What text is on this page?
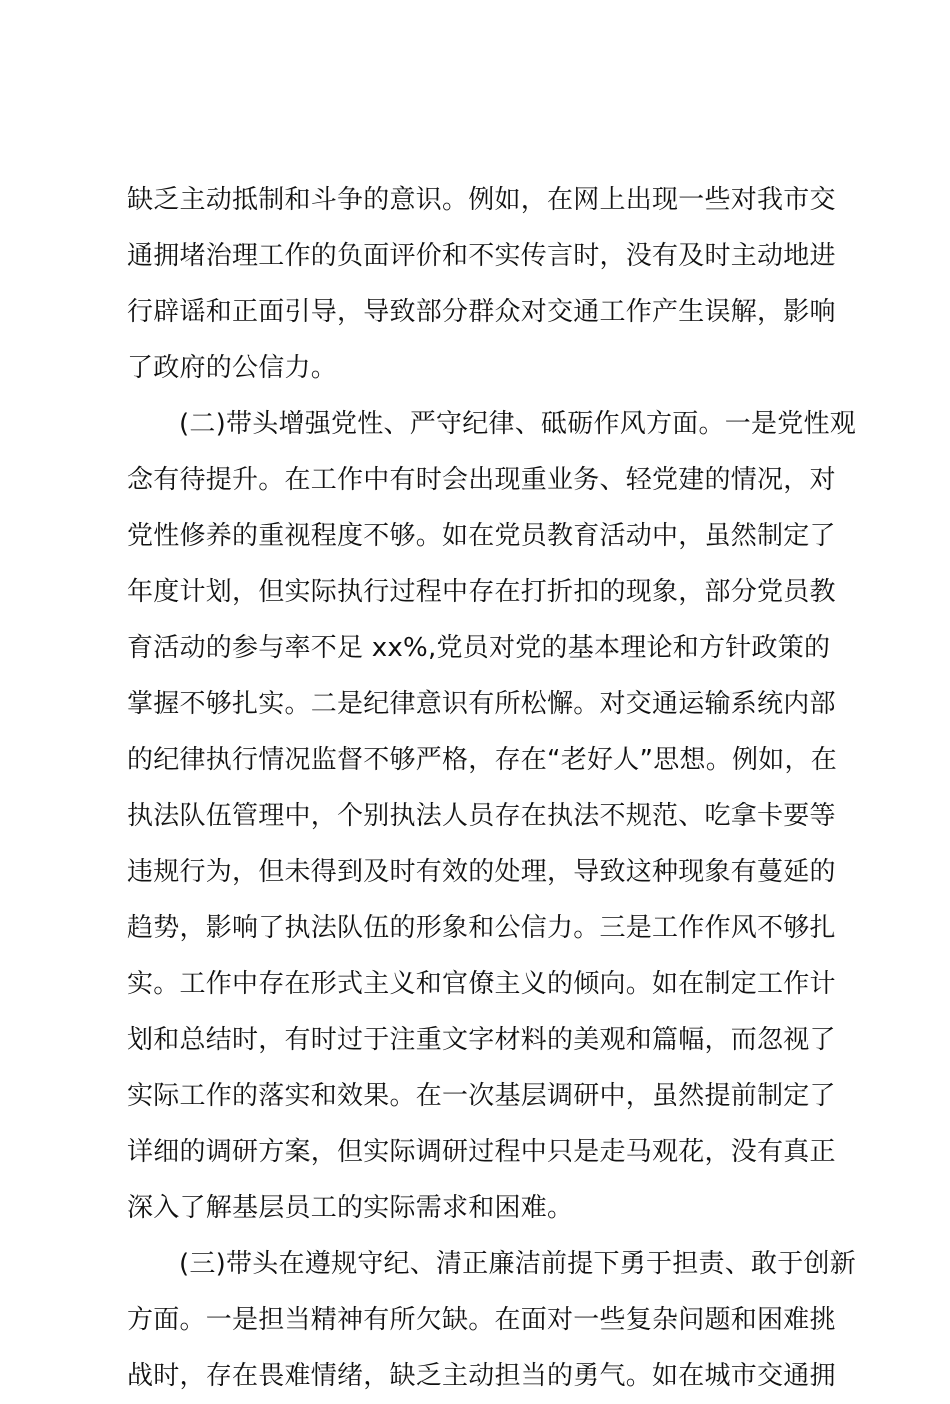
缺乏主动抵制和斗争的意识。例如，在网上出现一些对我市交
通拥堵治理工作的负面评价和不实传言时，没有及时主动地进
行辟谣和正面引导，导致部分群众对交通工作产生误解，影响
了政府的公信力。
(二)带头增强党性、严守纪律、砥砺作风方面。一是党性观
念有待提升。在工作中有时会出现重业务、轻党建的情况，对
党性修养的重视程度不够。如在党员教育活动中，虽然制定了
年度计划，但实际执行过程中存在打折扣的现象，部分党员教
育活动的参与率不足 xx%,党员对党的基本理论和方针政策的
掌握不够扎实。二是纪律意识有所松懈。对交通运输系统内部
的纪律执行情况监督不够严格，存在“老好人”思想。例如，在
执法队伍管理中，个别执法人员存在执法不规范、吃拿卡要等
违规行为，但未得到及时有效的处理，导致这种现象有蔓延的
趋势，影响了执法队伍的形象和公信力。三是工作作风不够扎
实。工作中存在形式主义和官僚主义的倾向。如在制定工作计
划和总结时，有时过于注重文字材料的美观和篇幅，而忽视了
实际工作的落实和效果。在一次基层调研中，虽然提前制定了
详细的调研方案，但实际调研过程中只是走马观花，没有真正
深入了解基层员工的实际需求和困难。
(三)带头在遵规守纪、清正廉洁前提下勇于担责、敢于创新
方面。一是担当精神有所欠缺。在面对一些复杂问题和困难挑
战时，存在畏难情绪，缺乏主动担当的勇气。如在城市交通拥
